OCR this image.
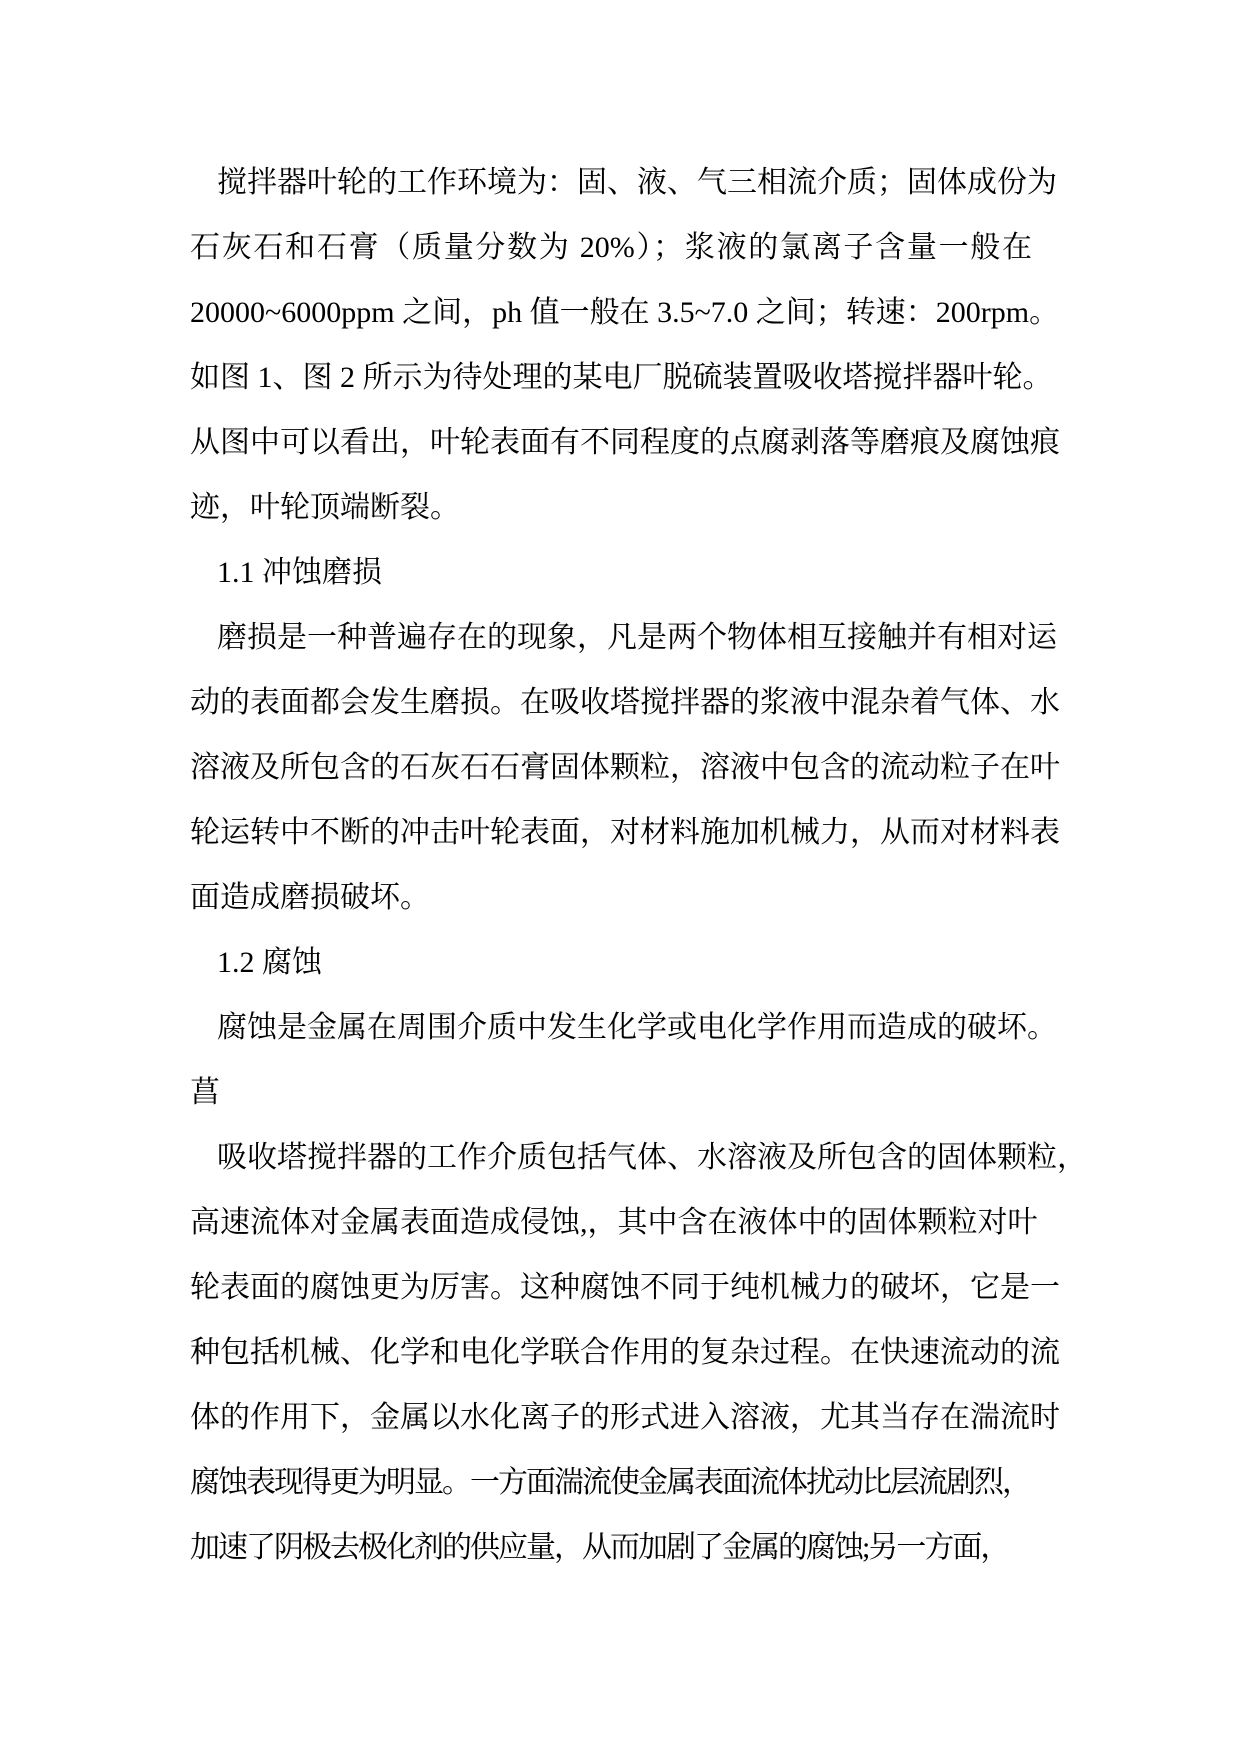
搅拌器叶轮的工作环境为：固、液、气三相流介质；固体成份为
石灰石和石膏（质量分数为 20%）；浆液的氯离子含量一般在
20000~6000ppm 之间，ph 值一般在 3.5~7.0 之间；转速：200rpm。
如图 1、图 2 所示为待处理的某电厂脱硫装置吸收塔搅拌器叶轮。
从图中可以看出，叶轮表面有不同程度的点腐剥落等磨痕及腐蚀痕
迹，叶轮顶端断裂。
1.1 冲蚀磨损
磨损是一种普遍存在的现象，凡是两个物体相互接触并有相对运
动的表面都会发生磨损。在吸收塔搅拌器的浆液中混杂着气体、水
溶液及所包含的石灰石石膏固体颗粒，溶液中包含的流动粒子在叶
轮运转中不断的冲击叶轮表面，对材料施加机械力，从而对材料表
面造成磨损破坏。
1.2 腐蚀
腐蚀是金属在周围介质中发生化学或电化学作用而造成的破坏。
菖
吸收塔搅拌器的工作介质包括气体、水溶液及所包含的固体颗粒，
高速流体对金属表面造成侵蚀,，其中含在液体中的固体颗粒对叶
轮表面的腐蚀更为厉害。这种腐蚀不同于纯机械力的破坏，它是一
种包括机械、化学和电化学联合作用的复杂过程。在快速流动的流
体的作用下，金属以水化离子的形式进入溶液，尤其当存在湍流时
腐蚀表现得更为明显。一方面湍流使金属表面流体扰动比层流剧烈，
加速了阴极去极化剂的供应量，从而加剧了金属的腐蚀;另一方面，
